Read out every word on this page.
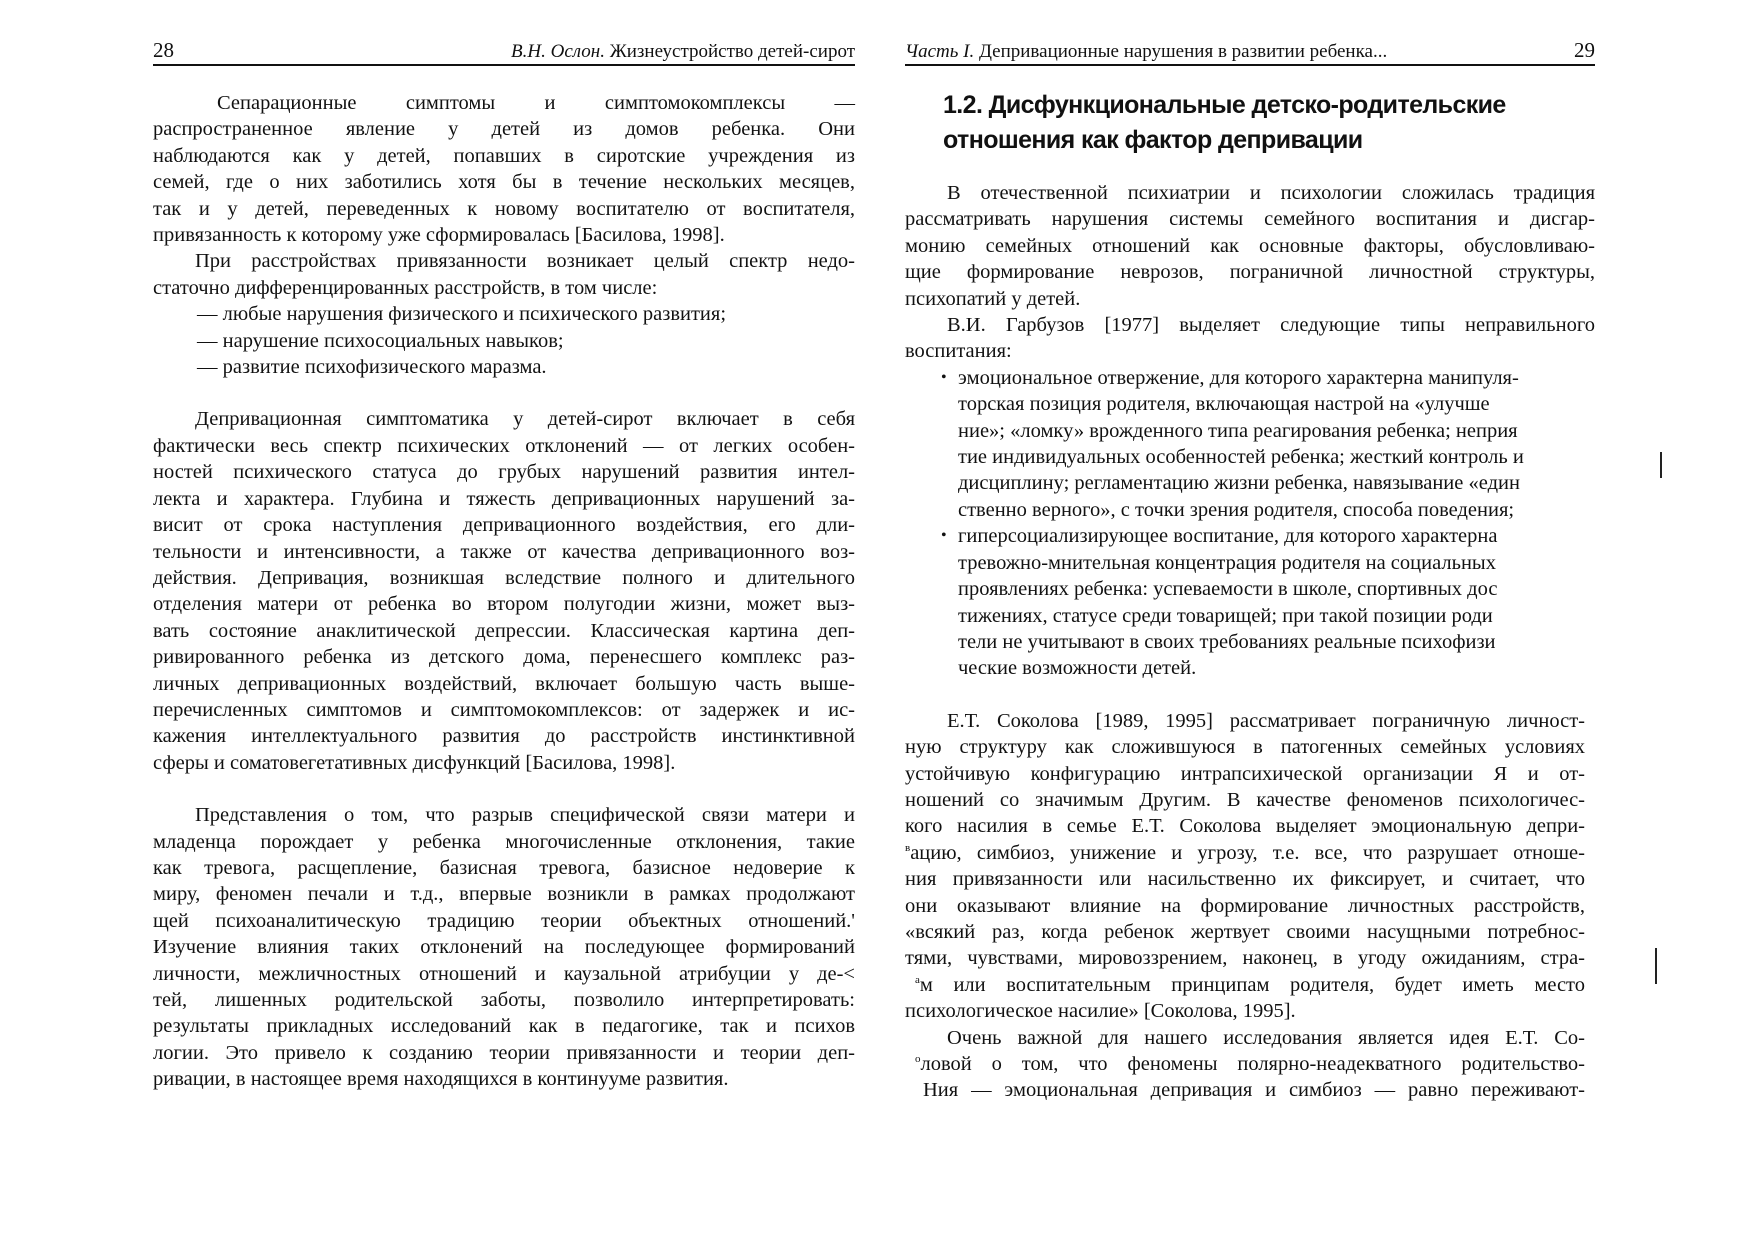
28	В.Н. Ослон. Жизнеустройство детей-сирот
Сепарационные симптомы и симптомокомплексы —
распространенное явление у детей из домов ребенка. Они
наблюдаются как у детей, попавших в сиротские учреждения из
семей, где о них заботились хотя бы в течение нескольких месяцев,
так и у детей, переведенных к новому воспитателю от воспитателя,
привязанность к которому уже сформировалась [Басилова, 1998].
При расстройствах привязанности возникает целый спектр недо-
статочно дифференцированных расстройств, в том числе:
— любые нарушения физического и психического развития;
— нарушение психосоциальных навыков;
— развитие психофизического маразма.
Депривационная симптоматика у детей-сирот включает в себя
фактически весь спектр психических отклонений — от легких особен-
ностей психического статуса до грубых нарушений развития интел-
лекта и характера. Глубина и тяжесть депривационных нарушений за-
висит от срока наступления депривационного воздействия, его дли-
тельности и интенсивности, а также от качества депривационного воз-
действия. Депривация, возникшая вследствие полного и длительного
отделения матери от ребенка во втором полугодии жизни, может выз-
вать состояние анаклитической депрессии. Классическая картина деп-
ривированного ребенка из детского дома, перенесшего комплекс раз-
личных депривационных воздействий, включает большую часть выше-
перечисленных симптомов и симптомокомплексов: от задержек и ис-
кажения интеллектуального развития до расстройств инстинктивной
сферы и соматовегетативных дисфункций [Басилова, 1998].
Представления о том, что разрыв специфической связи матери и
младенца порождает у ребенка многочисленные отклонения, такие
как тревога, расщепление, базисная тревога, базисное недоверие к
миру, феномен печали и т.д., впервые возникли в рамках продолжают
щей психоаналитическую традицию теории объектных отношений.'
Изучение влияния таких отклонений на последующее формирований
личности, межличностных отношений и каузальной атрибуции у де-<
тей, лишенных родительской заботы, позволило интерпретировать:
результаты прикладных исследований как в педагогике, так и психов
логии. Это привело к созданию теории привязанности и теории деп-
ривации, в настоящее время находящихся в континууме развития.
Часть I. Депривационные нарушения в развитии ребенка...	29
1.2. Дисфункциональные детско-родительские
отношения как фактор депривации
В отечественной психиатрии и психологии сложилась традиция
рассматривать нарушения системы семейного воспитания и дисгар-
монию семейных отношений как основные факторы, обусловливаю-
щие формирование неврозов, пограничной личностной структуры,
психопатий у детей.
В.И. Гарбузов [1977] выделяет следующие типы неправильного
воспитания:
• эмоциональное отвержение, для которого характерна манипуля-
торская позиция родителя, включающая настрой на «улучше
ние»; «ломку» врожденного типа реагирования ребенка; неприя
тие индивидуальных особенностей ребенка; жесткий контроль и
дисциплину; регламентацию жизни ребенка, навязывание «един
ственно верного», с точки зрения родителя, способа поведения;
• гиперсоциализирующее воспитание, для которого характерна
тревожно-мнительная концентрация родителя на социальных
проявлениях ребенка: успеваемости в школе, спортивных дос
тижениях, статусе среди товарищей; при такой позиции роди
тели не учитывают в своих требованиях реальные психофизи
ческие возможности детей.
Е.Т. Соколова [1989, 1995] рассматривает пограничную личност-
ную структуру как сложившуюся в патогенных семейных условиях
устойчивую конфигурацию интрапсихической организации Я и от-
ношений со значимым Другим. В качестве феноменов психологичес-
кого насилия в семье Е.Т. Соколова выделяет эмоциональную депри-
$^в$ацию, симбиоз, унижение и угрозу, т.е. все, что разрушает отноше-
ния привязанности или насильственно их фиксирует, и считает, что
они оказывают влияние на формирование личностных расстройств,
«всякий раз, когда ребенок жертвует своими насущными потребнос-
тями, чувствами, мировоззрением, наконец, в угоду ожиданиям, стра-
$^а$м или воспитательным принципам родителя, будет иметь место
психологическое насилие» [Соколова, 1995].
Очень важной для нашего исследования является идея Е.Т. Со-
$^о$ловой о том, что феномены полярно-неадекватного родительство-
Ния — эмоциональная депривация и симбиоз — равно переживают-
